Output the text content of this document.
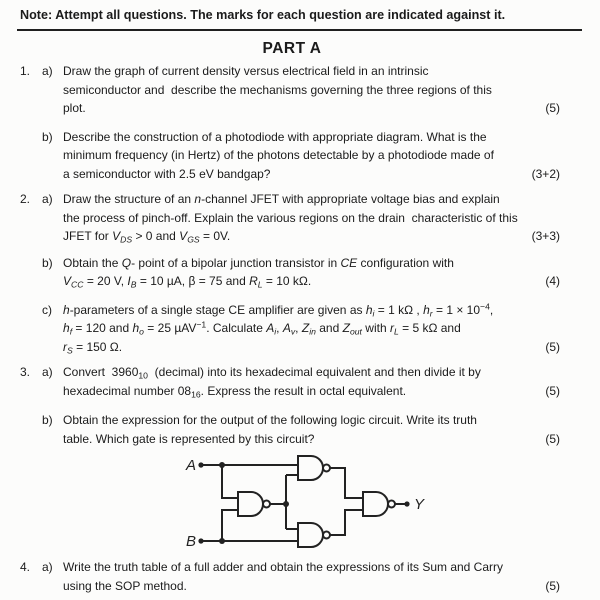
Note: Attempt all questions. The marks for each question are indicated against it.
PART A
1. a) Draw the graph of current density versus electrical field in an intrinsic
semiconductor and  describe the mechanisms governing the three regions of this
plot.	(5)
b) Describe the construction of a photodiode with appropriate diagram. What is the
minimum frequency (in Hertz) of the photons detectable by a photodiode made of
a semiconductor with 2.5 eV bandgap?	(3+2)
2. a) Draw the structure of an n-channel JFET with appropriate voltage bias and explain
the process of pinch-off. Explain the various regions on the drain  characteristic of this
JFET for $V_{DS} > 0$ and $V_{GS} = 0V$.	(3+3)
b) Obtain the Q- point of a bipolar junction transistor in CE configuration with
$V_{CC} = 20$ V, $I_B = 10$ µA, β = 75 and $R_L = 10$ kΩ.	(4)
c) h-parameters of a single stage CE amplifier are given as $h_i = 1$ kΩ , $h_r = 1 \times 10^{-4}$,
$h_f = 120$ and $h_o = 25$ µAV$^{-1}$. Calculate $A_i$, $A_v$, $Z_{in}$ and $Z_{out}$ with $r_L = 5$ kΩ and
$r_S = 150$ Ω.	(5)
3. a) Convert  $3960_{10}$  (decimal) into its hexadecimal equivalent and then divide it by
hexadecimal number $08_{16}$. Express the result in octal equivalent.	(5)
b) Obtain the expression for the output of the following logic circuit. Write its truth
table. Which gate is represented by this circuit?	(5)
A
B
Y
4. a) Write the truth table of a full adder and obtain the expressions of its Sum and Carry
using the SOP method.	(5)
